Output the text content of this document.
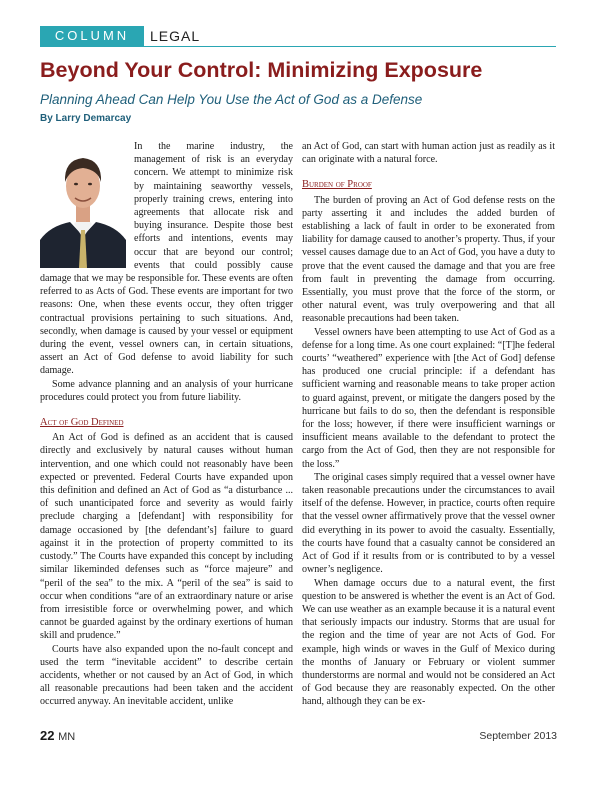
COLUMN	LEGAL
Beyond Your Control: Minimizing Exposure
Planning Ahead Can Help You Use the Act of God as a Defense
By Larry Demarcay

In the marine industry, the management of risk is an everyday concern. We attempt to minimize risk by maintaining seaworthy vessels, properly training crews, entering into agreements that allocate risk and buying insurance. Despite those best efforts and intentions, events may occur that are beyond our control; events that could possibly cause damage that we may be responsible for. These events are often referred to as Acts of God. These events are important for two reasons: One, when these events occur, they often trigger contractual provisions pertaining to such situations. And, secondly, when damage is caused by your vessel or equipment during the event, vessel owners can, in certain situations, assert an Act of God defense to avoid liability for such damage.

Some advance planning and an analysis of your hurricane procedures could protect you from future liability.

Act of God Defined

An Act of God is defined as an accident that is caused directly and exclusively by natural causes without human intervention, and one which could not reasonably have been expected or prevented. Federal Courts have expanded upon this definition and defined an Act of God as “a disturbance ... of such unanticipated force and severity as would fairly preclude charging a [defendant] with responsibility for damage occasioned by [the defendant’s] failure to guard against it in the protection of property committed to its custody.” The Courts have expanded this concept by including similar likeminded defenses such as “force majeure” and “peril of the sea” to the mix. A “peril of the sea” is said to occur when conditions “are of an extraordinary nature or arise from irresistible force or overwhelming power, and which cannot be guarded against by the ordinary exertions of human skill and prudence.”

Courts have also expanded upon the no-fault concept and used the term “inevitable accident” to describe certain accidents, whether or not caused by an Act of God, in which all reasonable precautions had been taken and the accident occurred anyway. An inevitable accident, unlike

an Act of God, can start with human action just as readily as it can originate with a natural force.

Burden of Proof

The burden of proving an Act of God defense rests on the party asserting it and includes the added burden of establishing a lack of fault in order to be exonerated from liability for damage caused to another’s property. Thus, if your vessel causes damage due to an Act of God, you have a duty to prove that the event caused the damage and that you are free from fault in preventing the damage from occurring. Essentially, you must prove that the force of the storm, or other natural event, was truly overpowering and that all reasonable precautions had been taken.

Vessel owners have been attempting to use Act of God as a defense for a long time. As one court explained: “[T]he federal courts’ “weathered” experience with [the Act of God] defense has produced one crucial principle: if a defendant has sufficient warning and reasonable means to take proper action to guard against, prevent, or mitigate the dangers posed by the hurricane but fails to do so, then the defendant is responsible for the loss; however, if there were insufficient warnings or insufficient means available to the defendant to protect the cargo from the Act of God, then they are not responsible for the loss.”

The original cases simply required that a vessel owner have taken reasonable precautions under the circumstances to avail itself of the defense. However, in practice, courts often require that the vessel owner affirmatively prove that the vessel owner did everything in its power to avoid the casualty. Essentially, the courts have found that a casualty cannot be considered an Act of God if it results from or is contributed to by a vessel owner’s negligence.

When damage occurs due to a natural event, the first question to be answered is whether the event is an Act of God. We can use weather as an example because it is a natural event that seriously impacts our industry. Storms that are usual for the region and the time of year are not Acts of God. For example, high winds or waves in the Gulf of Mexico during the months of January or February or violent summer thunderstorms are normal and would not be considered an Act of God because they are reasonably expected. On the other hand, although they can be ex-

22 MN	September 2013
